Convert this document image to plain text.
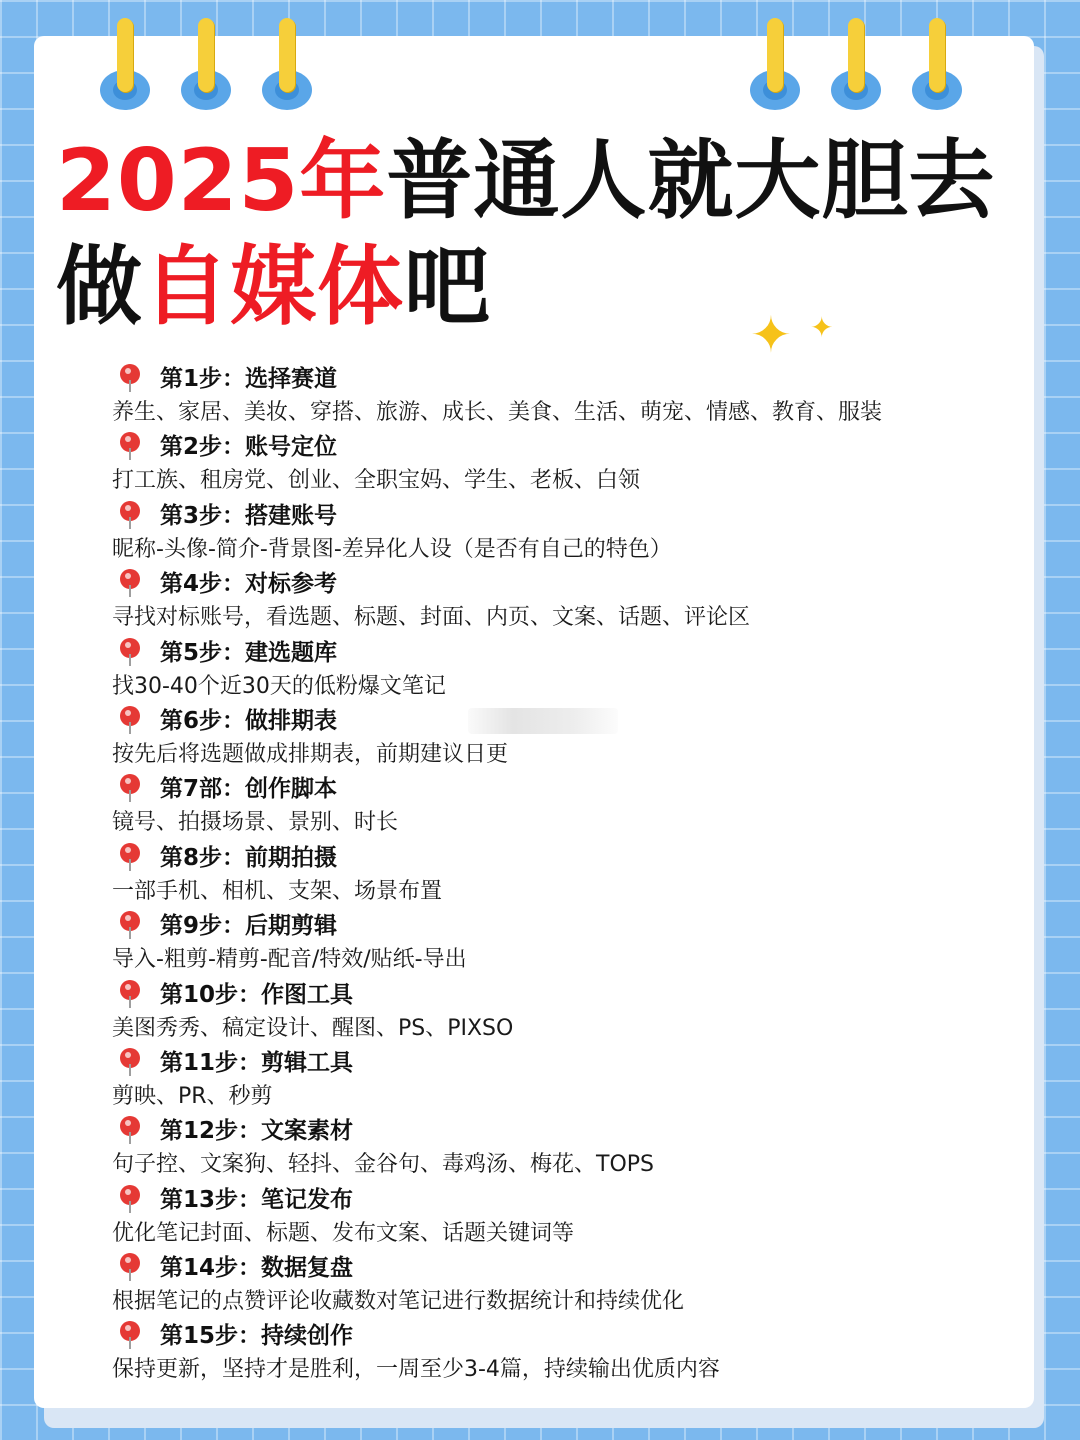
2025年普通人就大胆去
做自媒体吧	✦ ✦
第1步：选择赛道
养生、家居、美妆、穿搭、旅游、成长、美食、生活、萌宠、情感、教育、服装
第2步：账号定位
打工族、租房党、创业、全职宝妈、学生、老板、白领
第3步：搭建账号
昵称-头像-简介-背景图-差异化人设（是否有自己的特色）
第4步：对标参考
寻找对标账号，看选题、标题、封面、内页、文案、话题、评论区
第5步：建选题库
找30-40个近30天的低粉爆文笔记
第6步：做排期表
按先后将选题做成排期表，前期建议日更
第7部：创作脚本
镜号、拍摄场景、景别、时长
第8步：前期拍摄
一部手机、相机、支架、场景布置
第9步：后期剪辑
导入-粗剪-精剪-配音/特效/贴纸-导出
第10步：作图工具
美图秀秀、稿定设计、醒图、PS、PIXSO
第11步：剪辑工具
剪映、PR、秒剪
第12步：文案素材
句子控、文案狗、轻抖、金谷句、毒鸡汤、梅花、TOPS
第13步：笔记发布
优化笔记封面、标题、发布文案、话题关键词等
第14步：数据复盘
根据笔记的点赞评论收藏数对笔记进行数据统计和持续优化
第15步：持续创作
保持更新，坚持才是胜利，一周至少3-4篇，持续输出优质内容
